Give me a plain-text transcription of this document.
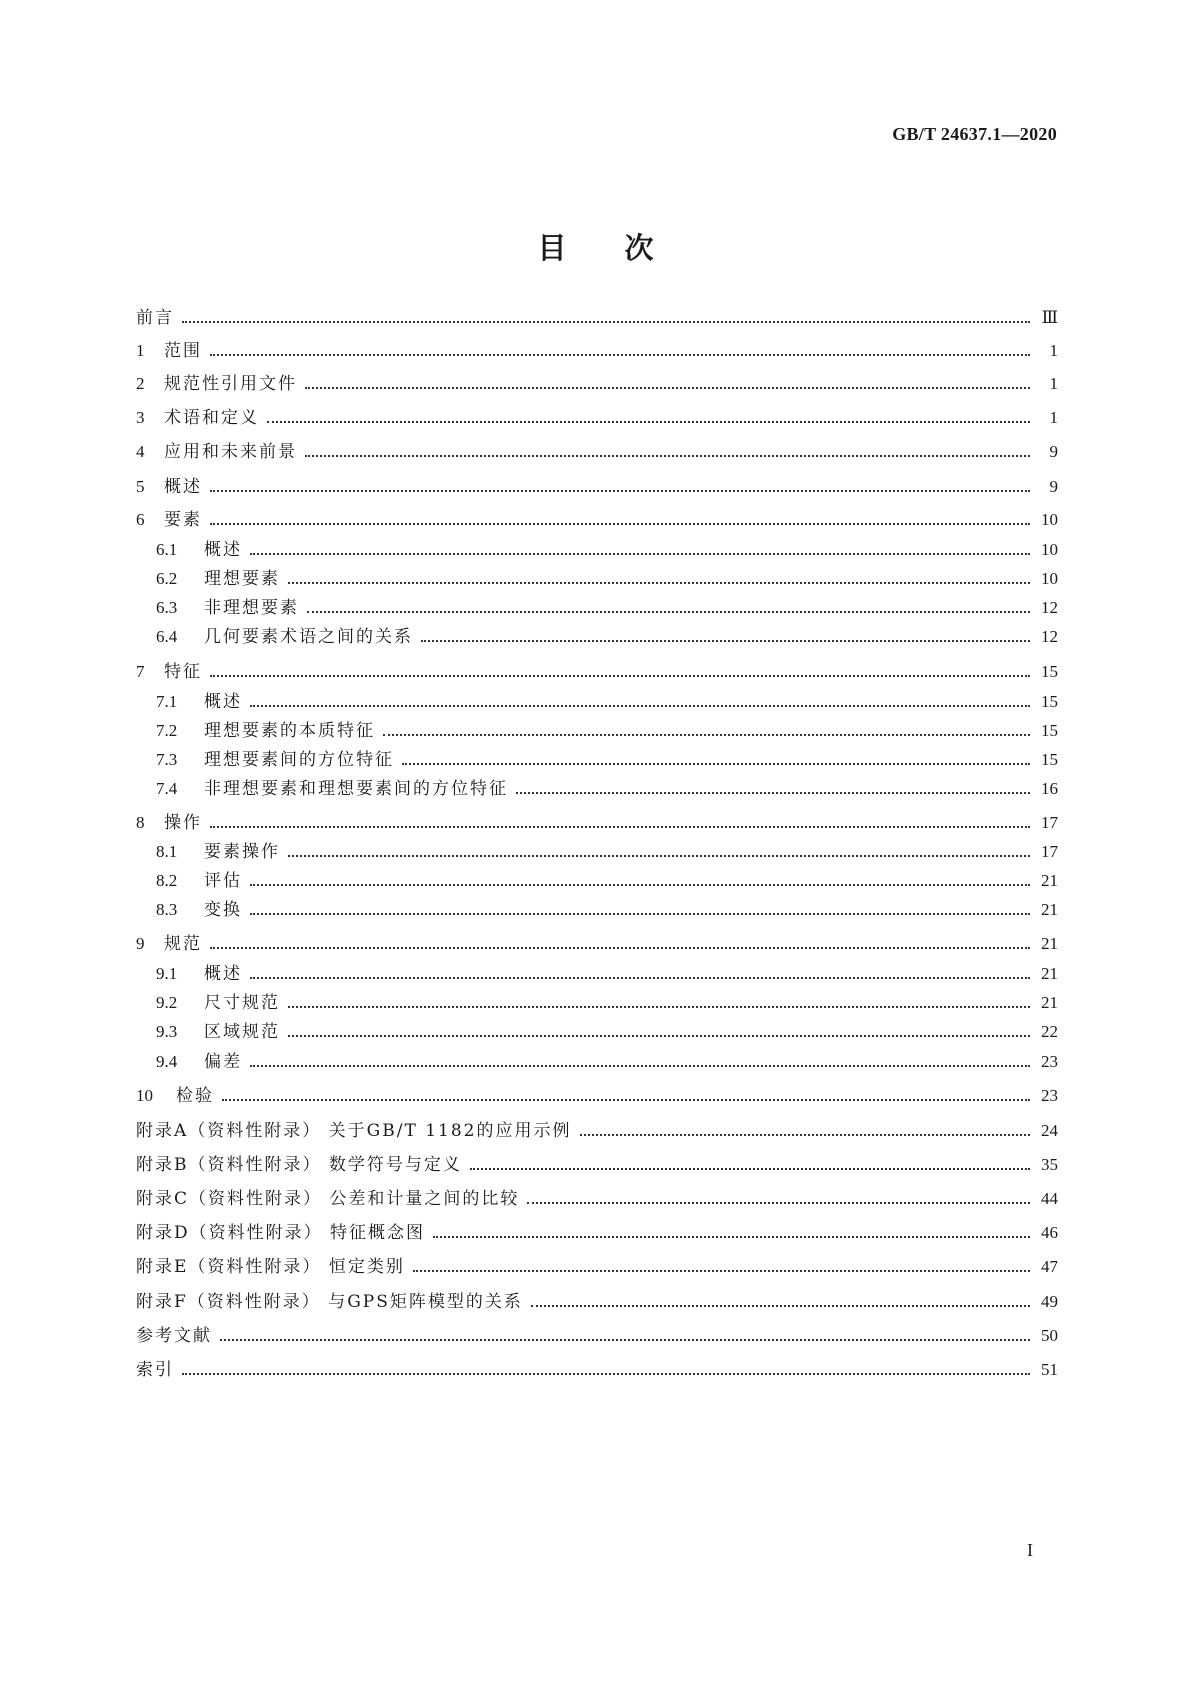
GB/T 24637.1—2020
目次
前言	Ⅲ
1	范围	1
2	规范性引用文件	1
3	术语和定义	1
4	应用和未来前景	9
5	概述	9
6	要素	10
6.1	概述	10
6.2	理想要素	10
6.3	非理想要素	12
6.4	几何要素术语之间的关系	12
7	特征	15
7.1	概述	15
7.2	理想要素的本质特征	15
7.3	理想要素间的方位特征	15
7.4	非理想要素和理想要素间的方位特征	16
8	操作	17
8.1	要素操作	17
8.2	评估	21
8.3	变换	21
9	规范	21
9.1	概述	21
9.2	尺寸规范	21
9.3	区域规范	22
9.4	偏差	23
10	检验	23
附录A（资料性附录） 关于GB/T 1182的应用示例	24
附录B（资料性附录） 数学符号与定义	35
附录C（资料性附录） 公差和计量之间的比较	44
附录D（资料性附录） 特征概念图	46
附录E（资料性附录） 恒定类别	47
附录F（资料性附录） 与GPS矩阵模型的关系	49
参考文献	50
索引	51
I
